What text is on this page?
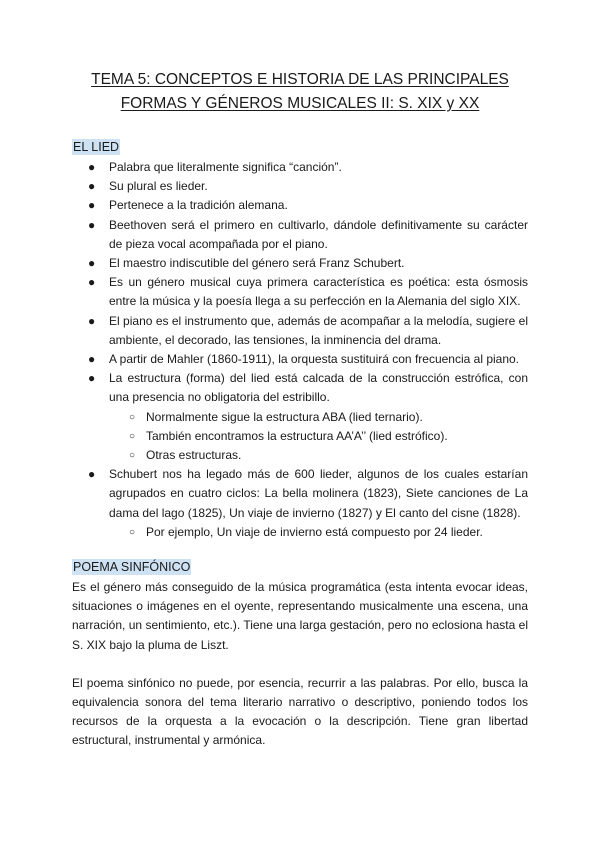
TEMA 5: CONCEPTOS E HISTORIA DE LAS PRINCIPALES
FORMAS Y GÉNEROS MUSICALES II: S. XIX y XX
EL LIED
● Palabra que literalmente significa “canción”.
● Su plural es lieder.
● Pertenece a la tradición alemana.
● Beethoven será el primero en cultivarlo, dándole definitivamente su carácter de pieza vocal acompañada por el piano.
● El maestro indiscutible del género será Franz Schubert.
● Es un género musical cuya primera característica es poética: esta ósmosis entre la música y la poesía llega a su perfección en la Alemania del siglo XIX.
● El piano es el instrumento que, además de acompañar a la melodía, sugiere el ambiente, el decorado, las tensiones, la inminencia del drama.
● A partir de Mahler (1860-1911), la orquesta sustituirá con frecuencia al piano.
● La estructura (forma) del lied está calcada de la construcción estrófica, con una presencia no obligatoria del estribillo.
○ Normalmente sigue la estructura ABA (lied ternario).
○ También encontramos la estructura AA’A’’ (lied estrófico).
○ Otras estructuras.
● Schubert nos ha legado más de 600 lieder, algunos de los cuales estarían agrupados en cuatro ciclos: La bella molinera (1823), Siete canciones de La dama del lago (1825), Un viaje de invierno (1827) y El canto del cisne (1828).
○ Por ejemplo, Un viaje de invierno está compuesto por 24 lieder.
POEMA SINFÓNICO

Es el género más conseguido de la música programática (esta intenta evocar ideas, situaciones o imágenes en el oyente, representando musicalmente una escena, una narración, un sentimiento, etc.). Tiene una larga gestación, pero no eclosiona hasta el S. XIX bajo la pluma de Liszt.

El poema sinfónico no puede, por esencia, recurrir a las palabras. Por ello, busca la equivalencia sonora del tema literario narrativo o descriptivo, poniendo todos los recursos de la orquesta a la evocación o la descripción. Tiene gran libertad estructural, instrumental y armónica.
